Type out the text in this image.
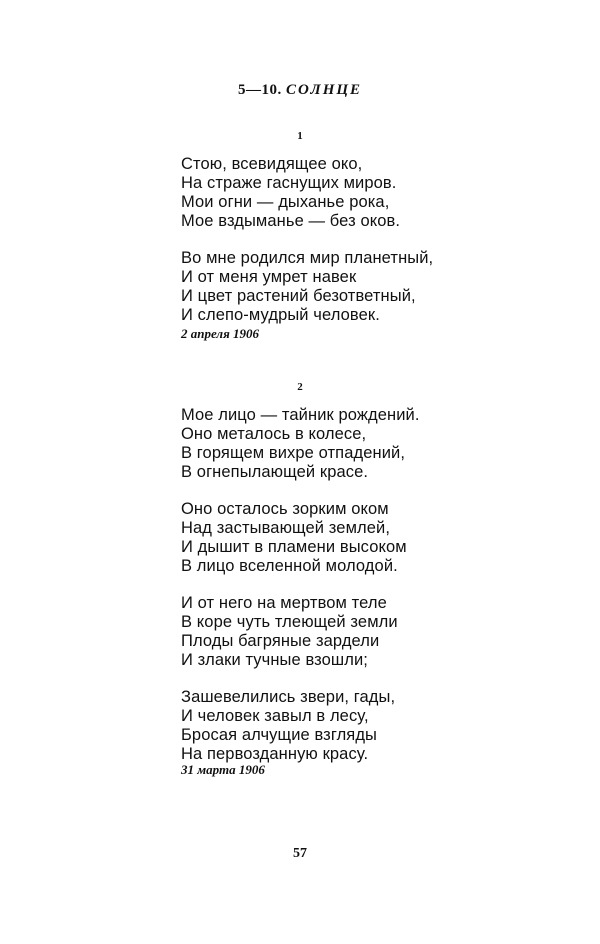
5—10. СОЛНЦЕ
1
Стою, всевидящее око,
На страже гаснущих миров.
Мои огни — дыханье рока,
Мое вздыманье — без оков.
Во мне родился мир планетный,
И от меня умрет навек
И цвет растений безответный,
И слепо-мудрый человек.
2 апреля 1906
2
Мое лицо — тайник рождений.
Оно металось в колесе,
В горящем вихре отпадений,
В огнепылающей красе.
Оно осталось зорким оком
Над застывающей землей,
И дышит в пламени высоком
В лицо вселенной молодой.
И от него на мертвом теле
В коре чуть тлеющей земли
Плоды багряные зардели
И злаки тучные взошли;
Зашевелились звери, гады,
И человек завыл в лесу,
Бросая алчущие взгляды
На первозданную красу.
31 марта 1906
57
